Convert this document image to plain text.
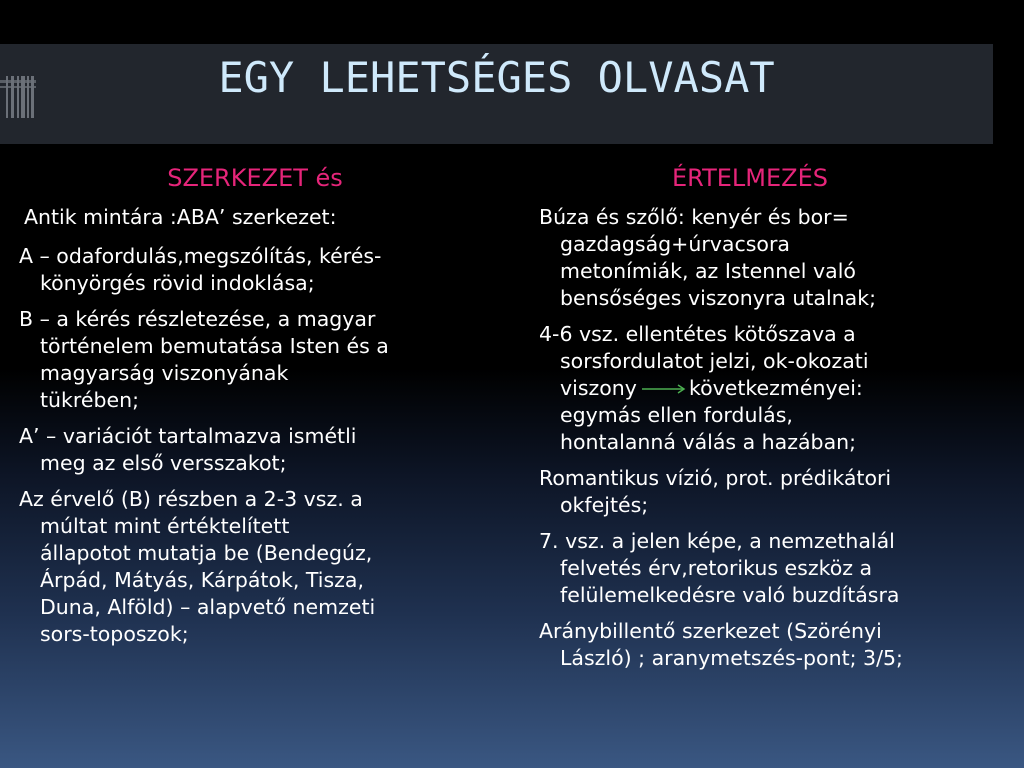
EGY LEHETSÉGES OLVASAT
SZERKEZET és
Antik mintára :ABA’ szerkezet:
A – odafordulás,megszólítás, kérés-
könyörgés rövid indoklása;
B – a kérés részletezése, a magyar
történelem bemutatása Isten és a
magyarság viszonyának
tükrében;
A’ – variációt tartalmazva ismétli
meg az első versszakot;
Az érvelő (B) részben a 2-3 vsz. a
múltat mint értéktelített
állapotot mutatja be (Bendegúz,
Árpád, Mátyás, Kárpátok, Tisza,
Duna, Alföld) – alapvető nemzeti
sors-toposzok;
ÉRTELMEZÉS
Búza és szőlő: kenyér és bor=
gazdagság+úrvacsora
metonímiák, az Istennel való
bensőséges viszonyra utalnak;
4-6 vsz. ellentétes kötőszava a
sorsfordulatot jelzi, ok-okozati
viszony	következményei:
egymás ellen fordulás,
hontalanná válás a hazában;
Romantikus vízió, prot. prédikátori
okfejtés;
7. vsz. a jelen képe, a nemzethalál
felvetés érv,retorikus eszköz a
felülemelkedésre való buzdításra
Aránybillentő szerkezet (Szörényi
László) ; aranymetszés-pont; 3/5;
